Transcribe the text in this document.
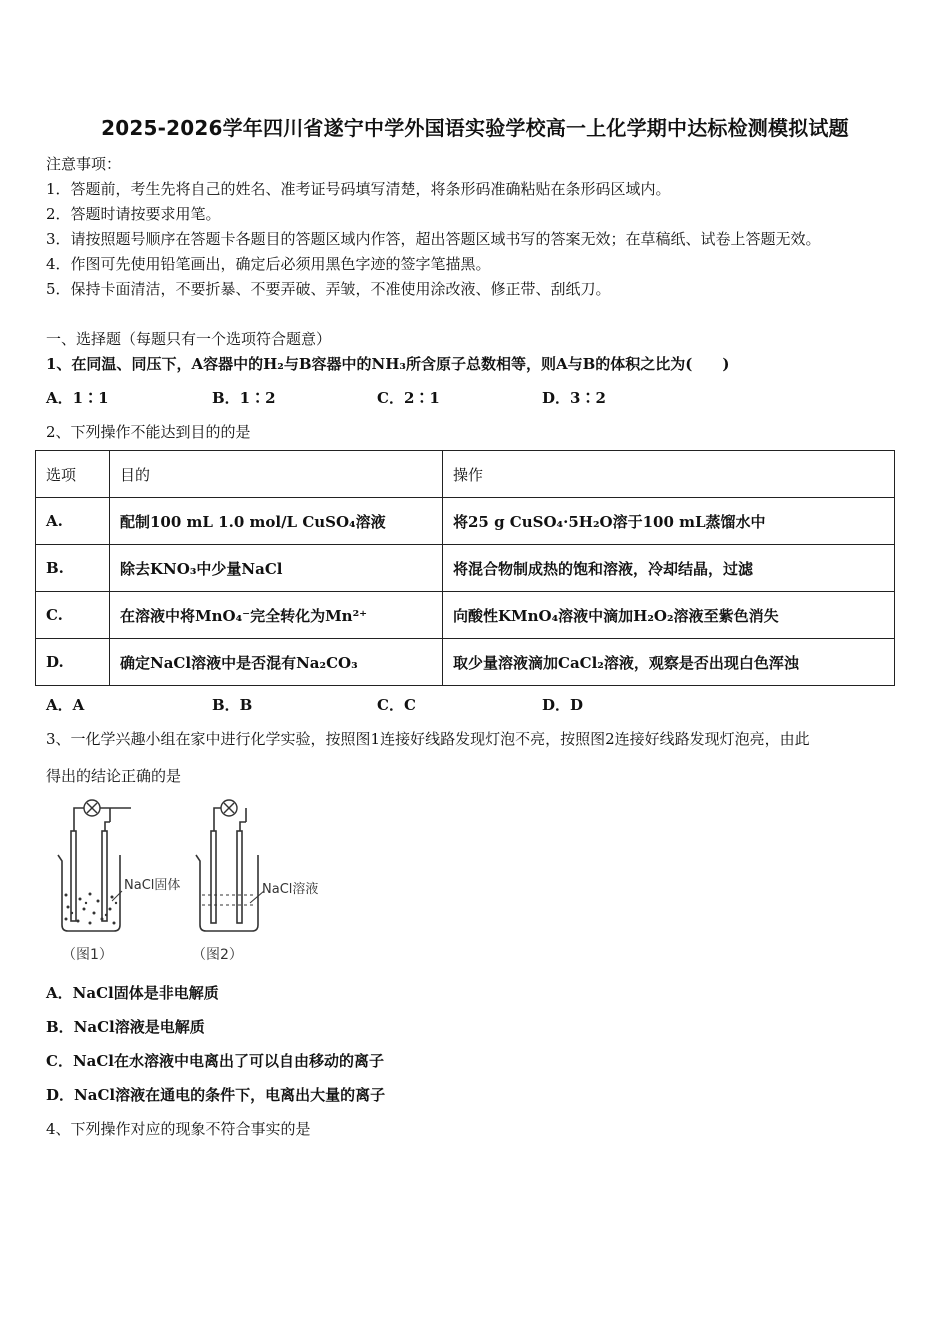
2025-2026学年四川省遂宁中学外国语实验学校高一上化学期中达标检测模拟试题
注意事项：
1．答题前，考生先将自己的姓名、准考证号码填写清楚，将条形码准确粘贴在条形码区域内。
2．答题时请按要求用笔。
3．请按照题号顺序在答题卡各题目的答题区域内作答，超出答题区域书写的答案无效；在草稿纸、试卷上答题无效。
4．作图可先使用铅笔画出，确定后必须用黑色字迹的签字笔描黑。
5．保持卡面清洁，不要折暴、不要弄破、弄皱，不准使用涂改液、修正带、刮纸刀。
一、选择题（每题只有一个选项符合题意）
1、在同温、同压下，A容器中的H₂与B容器中的NH₃所含原子总数相等，则A与B的体积之比为(　　)
A．1∶1	B．1∶2	C．2∶1	D．3∶2
2、下列操作不能达到目的的是
选项	目的	操作
A.	配制100 mL 1.0 mol/L CuSO₄溶液	将25 g CuSO₄·5H₂O溶于100 mL蒸馏水中
B.	除去KNO₃中少量NaCl	将混合物制成热的饱和溶液，冷却结晶，过滤
C.	在溶液中将MnO₄⁻完全转化为Mn²⁺	向酸性KMnO₄溶液中滴加H₂O₂溶液至紫色消失
D.	确定NaCl溶液中是否混有Na₂CO₃	取少量溶液滴加CaCl₂溶液，观察是否出现白色浑浊
A．A	B．B	C．C	D．D
3、一化学兴趣小组在家中进行化学实验，按照图1连接好线路发现灯泡不亮，按照图2连接好线路发现灯泡亮，由此
得出的结论正确的是
NaCl固体	NaCl溶液
（图1）	（图2）
A．NaCl固体是非电解质
B．NaCl溶液是电解质
C．NaCl在水溶液中电离出了可以自由移动的离子
D．NaCl溶液在通电的条件下，电离出大量的离子
4、下列操作对应的现象不符合事实的是
